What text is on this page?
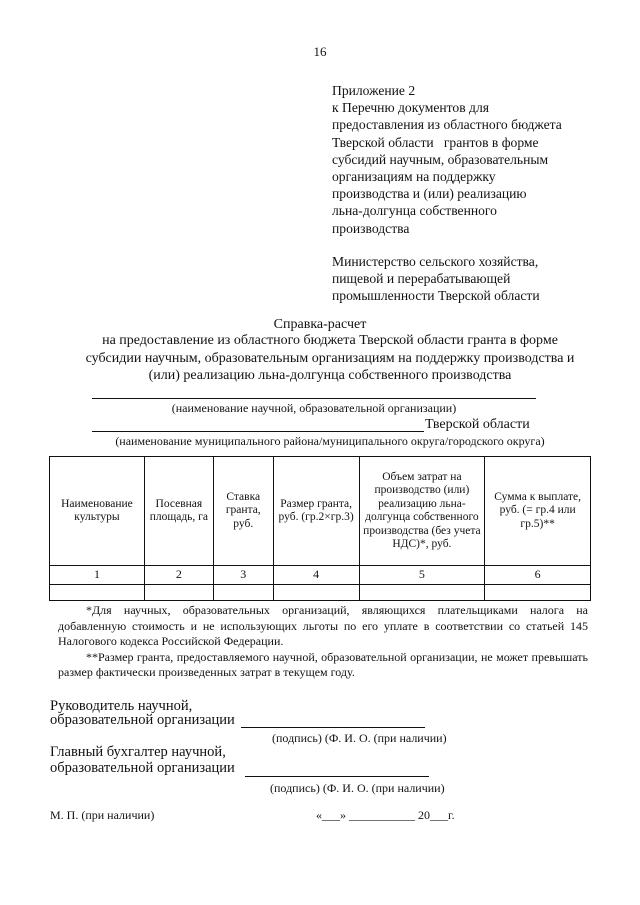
16
Приложение 2
к Перечню документов для
предоставления из областного бюджета
Тверской области   грантов в форме
субсидий научным, образовательным
организациям на поддержку
производства и (или) реализацию
льна-долгунца собственного
производства
Министерство сельского хозяйства,
пищевой и перерабатывающей
промышленности Тверской области
Справка-расчет
на предоставление из областного бюджета Тверской области гранта в форме
субсидии научным, образовательным организациям на поддержку производства и
(или) реализацию льна-долгунца собственного производства
(наименование научной, образовательной организации)
Тверской области
(наименование муниципального района/муниципального округа/городского округа)
Наименование культуры	Посевная площадь, га	Ставка гранта, руб.	Размер гранта, руб. (гр.2×гр.3)	Объем затрат на производство (или) реализацию льна-долгунца собственного производства (без учета НДС)*, руб.	Сумма к выплате, руб. (= гр.4 или гр.5)**
1	2	3	4	5	6

*Для научных, образовательных организаций, являющихся плательщиками налога на добавленную стоимость и не использующих льготы по его уплате в соответствии со статьей 145 Налогового кодекса Российской Федерации.

**Размер гранта, предоставляемого научной, образовательной организации, не может превышать размер фактически произведенных затрат в текущем году.

Руководитель научной,
образовательной организации
(подпись) (Ф. И. О. (при наличии)
Главный бухгалтер научной,
образовательной организации
(подпись) (Ф. И. О. (при наличии)
М. П. (при наличии)	«___» ___________ 20___г.
